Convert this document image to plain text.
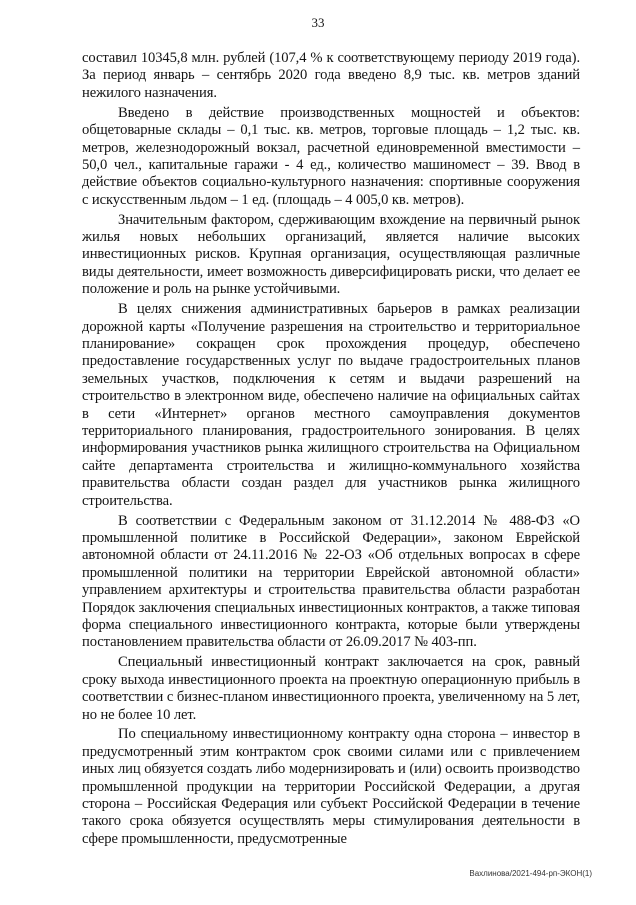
33

составил 10345,8 млн. рублей (107,4 % к соответствующему периоду 2019 года). За период январь – сентябрь 2020 года введено 8,9 тыс. кв. метров зданий нежилого назначения.

Введено в действие производственных мощностей и объектов: общетоварные склады – 0,1 тыс. кв. метров, торговые площадь – 1,2 тыс. кв. метров, железнодорожный вокзал, расчетной единовременной вместимости – 50,0 чел., капитальные гаражи - 4 ед., количество машиномест – 39. Ввод в действие объектов социально-культурного назначения: спортивные сооружения с искусственным льдом – 1 ед. (площадь – 4 005,0 кв. метров).

Значительным фактором, сдерживающим вхождение на первичный рынок жилья новых небольших организаций, является наличие высоких инвестиционных рисков. Крупная организация, осуществляющая различные виды деятельности, имеет возможность диверсифицировать риски, что делает ее положение и роль на рынке устойчивыми.

В целях снижения административных барьеров в рамках реализации дорожной карты «Получение разрешения на строительство и территориальное планирование» сокращен срок прохождения процедур, обеспечено предоставление государственных услуг по выдаче градостроительных планов земельных участков, подключения к сетям и выдачи разрешений на строительство в электронном виде, обеспечено наличие на официальных сайтах в сети «Интернет» органов местного самоуправления документов территориального планирования, градостроительного зонирования. В целях информирования участников рынка жилищного строительства на Официальном сайте департамента строительства и жилищно-коммунального хозяйства правительства области создан раздел для участников рынка жилищного строительства.

В соответствии с Федеральным законом от 31.12.2014 № 488-ФЗ «О промышленной политике в Российской Федерации», законом Еврейской автономной области от 24.11.2016 № 22-ОЗ «Об отдельных вопросах в сфере промышленной политики на территории Еврейской автономной области» управлением архитектуры и строительства правительства области разработан Порядок заключения специальных инвестиционных контрактов, а также типовая форма специального инвестиционного контракта, которые были утверждены постановлением правительства области от 26.09.2017 № 403-пп.

Специальный инвестиционный контракт заключается на срок, равный сроку выхода инвестиционного проекта на проектную операционную прибыль в соответствии с бизнес-планом инвестиционного проекта, увеличенному на 5 лет, но не более 10 лет.

По специальному инвестиционному контракту одна сторона – инвестор в предусмотренный этим контрактом срок своими силами или с привлечением иных лиц обязуется создать либо модернизировать и (или) освоить производство промышленной продукции на территории Российской Федерации, а другая сторона – Российская Федерация или субъект Российской Федерации в течение такого срока обязуется осуществлять меры стимулирования деятельности в сфере промышленности, предусмотренные

Вахлинова/2021-494-рп-ЭКОН(1)
